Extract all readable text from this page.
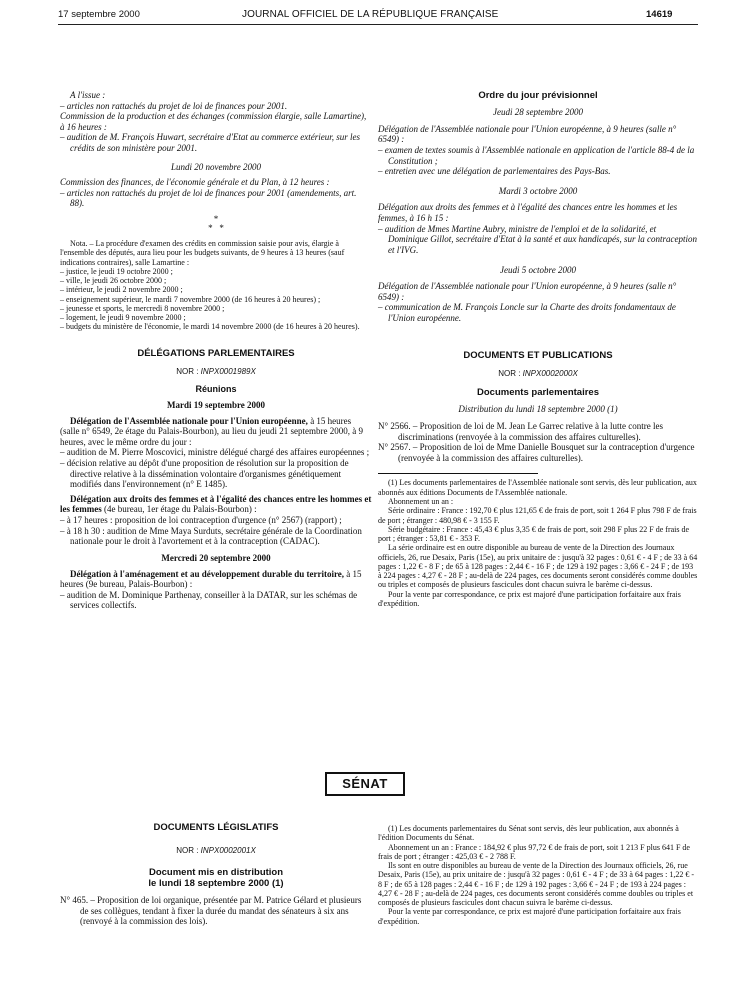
17 septembre 2000	JOURNAL OFFICIEL DE LA RÉPUBLIQUE FRANÇAISE	14619

A l'issue :

– articles non rattachés du projet de loi de finances pour 2001.

Commission de la production et des échanges (commission élargie, salle Lamartine), à 16 heures :

– audition de M. François Huwart, secrétaire d'Etat au commerce extérieur, sur les crédits de son ministère pour 2001.

Lundi 20 novembre 2000

Commission des finances, de l'économie générale et du Plan, à 12 heures :

– articles non rattachés du projet de loi de finances pour 2001 (amendements, art. 88).

*
*   *

Nota. – La procédure d'examen des crédits en commission saisie pour avis, élargie à l'ensemble des députés, aura lieu pour les budgets suivants, de 9 heures à 13 heures (sauf indications contraires), salle Lamartine :

– justice, le jeudi 19 octobre 2000 ;

– ville, le jeudi 26 octobre 2000 ;

– intérieur, le jeudi 2 novembre 2000 ;

– enseignement supérieur, le mardi 7 novembre 2000 (de 16 heures à 20 heures) ;

– jeunesse et sports, le mercredi 8 novembre 2000 ;

– logement, le jeudi 9 novembre 2000 ;

– budgets du ministère de l'économie, le mardi 14 novembre 2000 (de 16 heures à 20 heures).

DÉLÉGATIONS PARLEMENTAIRES

NOR : INPX0001989X

Réunions

Mardi 19 septembre 2000

Délégation de l'Assemblée nationale pour l'Union européenne, à 15 heures (salle n° 6549, 2e étage du Palais-Bourbon), au lieu du jeudi 21 septembre 2000, à 9 heures, avec le même ordre du jour :

– audition de M. Pierre Moscovici, ministre délégué chargé des affaires européennes ;

– décision relative au dépôt d'une proposition de résolution sur la proposition de directive relative à la dissémination volontaire d'organismes génétiquement modifiés dans l'environnement (n° E 1485).

Délégation aux droits des femmes et à l'égalité des chances entre les hommes et les femmes (4e bureau, 1er étage du Palais-Bourbon) :

– à 17 heures : proposition de loi contraception d'urgence (n° 2567) (rapport) ;

– à 18 h 30 : audition de Mme Maya Surduts, secrétaire générale de la Coordination nationale pour le droit à l'avortement et à la contraception (CADAC).

Mercredi 20 septembre 2000

Délégation à l'aménagement et au développement durable du territoire, à 15 heures (9e bureau, Palais-Bourbon) :

– audition de M. Dominique Parthenay, conseiller à la DATAR, sur les schémas de services collectifs.

Ordre du jour prévisionnel

Jeudi 28 septembre 2000

Délégation de l'Assemblée nationale pour l'Union européenne, à 9 heures (salle n° 6549) :

– examen de textes soumis à l'Assemblée nationale en application de l'article 88-4 de la Constitution ;

– entretien avec une délégation de parlementaires des Pays-Bas.

Mardi 3 octobre 2000

Délégation aux droits des femmes et à l'égalité des chances entre les hommes et les femmes, à 16 h 15 :

– audition de Mmes Martine Aubry, ministre de l'emploi et de la solidarité, et Dominique Gillot, secrétaire d'Etat à la santé et aux handicapés, sur la contraception et l'IVG.

Jeudi 5 octobre 2000

Délégation de l'Assemblée nationale pour l'Union européenne, à 9 heures (salle n° 6549) :

– communication de M. François Loncle sur la Charte des droits fondamentaux de l'Union européenne.

DOCUMENTS ET PUBLICATIONS

NOR : INPX0002000X

Documents parlementaires

Distribution du lundi 18 septembre 2000 (1)

N° 2566. – Proposition de loi de M. Jean Le Garrec relative à la lutte contre les discriminations (renvoyée à la commission des affaires culturelles).

N° 2567. – Proposition de loi de Mme Danielle Bousquet sur la contraception d'urgence (renvoyée à la commission des affaires culturelles).

(1) Les documents parlementaires de l'Assemblée nationale sont servis, dès leur publication, aux abonnés aux éditions Documents de l'Assemblée nationale.

Abonnement un an :

Série ordinaire : France : 192,70 € plus 121,65 € de frais de port, soit 1 264 F plus 798 F de frais de port ; étranger : 480,98 € - 3 155 F.

Série budgétaire : France : 45,43 € plus 3,35 € de frais de port, soit 298 F plus 22 F de frais de port ; étranger : 53,81 € - 353 F.

La série ordinaire est en outre disponible au bureau de vente de la Direction des Journaux officiels, 26, rue Desaix, Paris (15e), au prix unitaire de : jusqu'à 32 pages : 0,61 € - 4 F ; de 33 à 64 pages : 1,22 € - 8 F ; de 65 à 128 pages : 2,44 € - 16 F ; de 129 à 192 pages : 3,66 € - 24 F ; de 193 à 224 pages : 4,27 € - 28 F ; au-delà de 224 pages, ces documents seront considérés comme doubles ou triples et composés de plusieurs fascicules dont chacun suivra le barème ci-dessus.

Pour la vente par correspondance, ce prix est majoré d'une participation forfaitaire aux frais d'expédition.

SÉNAT

DOCUMENTS LÉGISLATIFS

NOR : INPX0002001X

Document mis en distribution

le lundi 18 septembre 2000 (1)

N° 465. – Proposition de loi organique, présentée par M. Patrice Gélard et plusieurs de ses collègues, tendant à fixer la durée du mandat des sénateurs à six ans (renvoyé à la commission des lois).

(1) Les documents parlementaires du Sénat sont servis, dès leur publication, aux abonnés à l'édition Documents du Sénat.

Abonnement un an : France : 184,92 € plus 97,72 € de frais de port, soit 1 213 F plus 641 F de frais de port ; étranger : 425,03 € - 2 788 F.

Ils sont en outre disponibles au bureau de vente de la Direction des Journaux officiels, 26, rue Desaix, Paris (15e), au prix unitaire de : jusqu'à 32 pages : 0,61 € - 4 F ; de 33 à 64 pages : 1,22 € - 8 F ; de 65 à 128 pages : 2,44 € - 16 F ; de 129 à 192 pages : 3,66 € - 24 F ; de 193 à 224 pages : 4,27 € - 28 F ; au-delà de 224 pages, ces documents seront considérés comme doubles ou triples et composés de plusieurs fascicules dont chacun suivra le barème ci-dessus.

Pour la vente par correspondance, ce prix est majoré d'une participation forfaitaire aux frais d'expédition.
